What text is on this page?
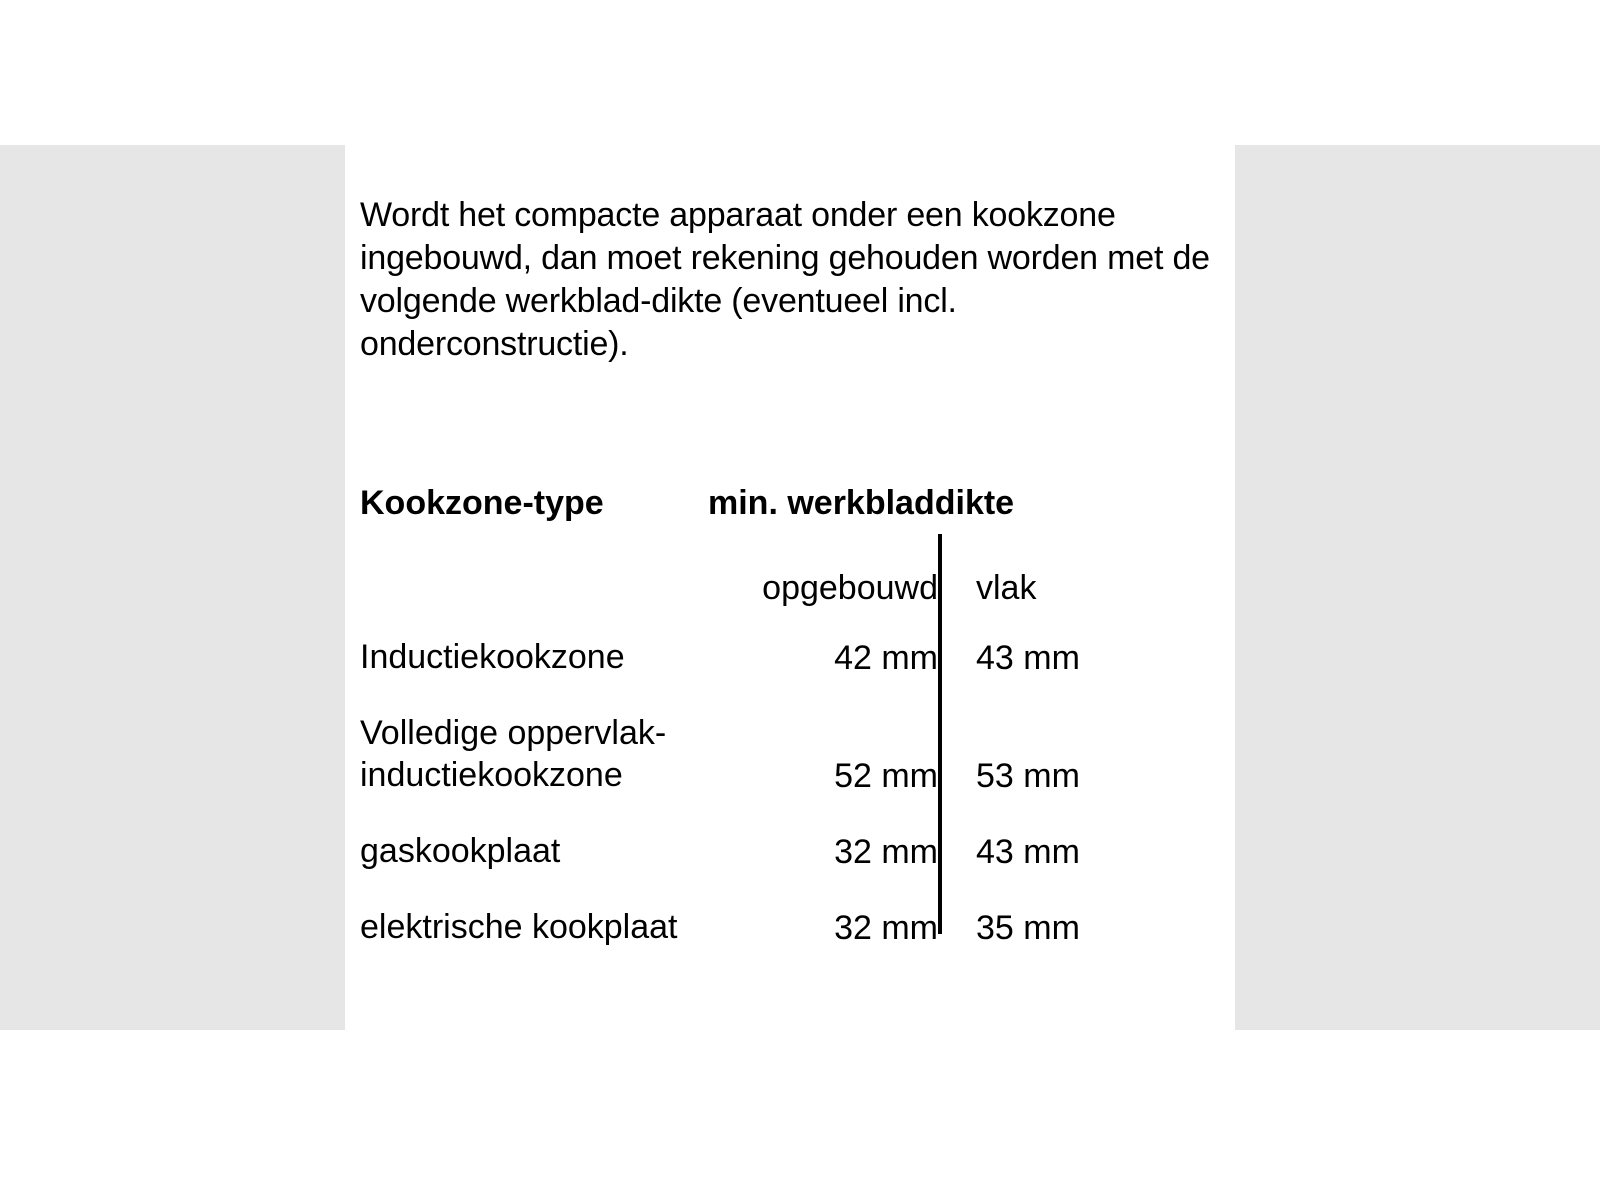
Wordt het compacte apparaat onder een kookzone ingebouwd, dan moet rekening gehouden worden met de volgende werkblad-dikte (eventueel incl. onderconstructie).

Kookzone-type	min. werkbladdikte	
	opgebouwd	vlak
Inductiekookzone	42 mm	43 mm
Volledige oppervlak-inductiekookzone	52 mm	53 mm
gaskookplaat	32 mm	43 mm
elektrische kookplaat	32 mm	35 mm
